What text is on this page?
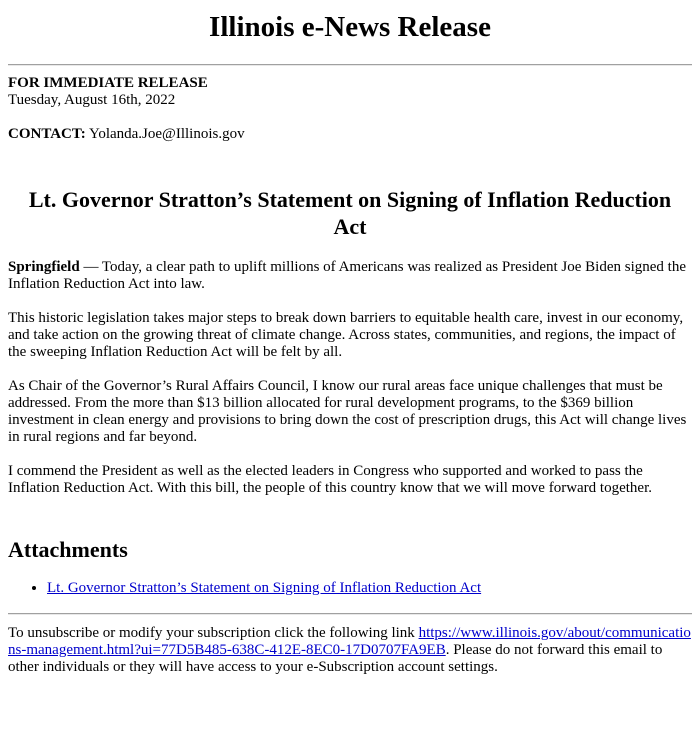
Illinois e-News Release
FOR IMMEDIATE RELEASE
Tuesday, August 16th, 2022
CONTACT: Yolanda.Joe@Illinois.gov
Lt. Governor Stratton’s Statement on Signing of Inflation Reduction Act

Springfield — Today, a clear path to uplift millions of Americans was realized as President Joe Biden signed the Inflation Reduction Act into law.

This historic legislation takes major steps to break down barriers to equitable health care, invest in our economy, and take action on the growing threat of climate change. Across states, communities, and regions, the impact of the sweeping Inflation Reduction Act will be felt by all.

As Chair of the Governor’s Rural Affairs Council, I know our rural areas face unique challenges that must be addressed. From the more than $13 billion allocated for rural development programs, to the $369 billion investment in clean energy and provisions to bring down the cost of prescription drugs, this Act will change lives in rural regions and far beyond.

I commend the President as well as the elected leaders in Congress who supported and worked to pass the Inflation Reduction Act. With this bill, the people of this country know that we will move forward together.

Attachments
• Lt. Governor Stratton’s Statement on Signing of Inflation Reduction Act
To unsubscribe or modify your subscription click the following link https://www.illinois.gov/about/communications-management.html?ui=77D5B485-638C-412E-8EC0-17D0707FA9EB. Please do not forward this email to other individuals or they will have access to your e-Subscription account settings.
